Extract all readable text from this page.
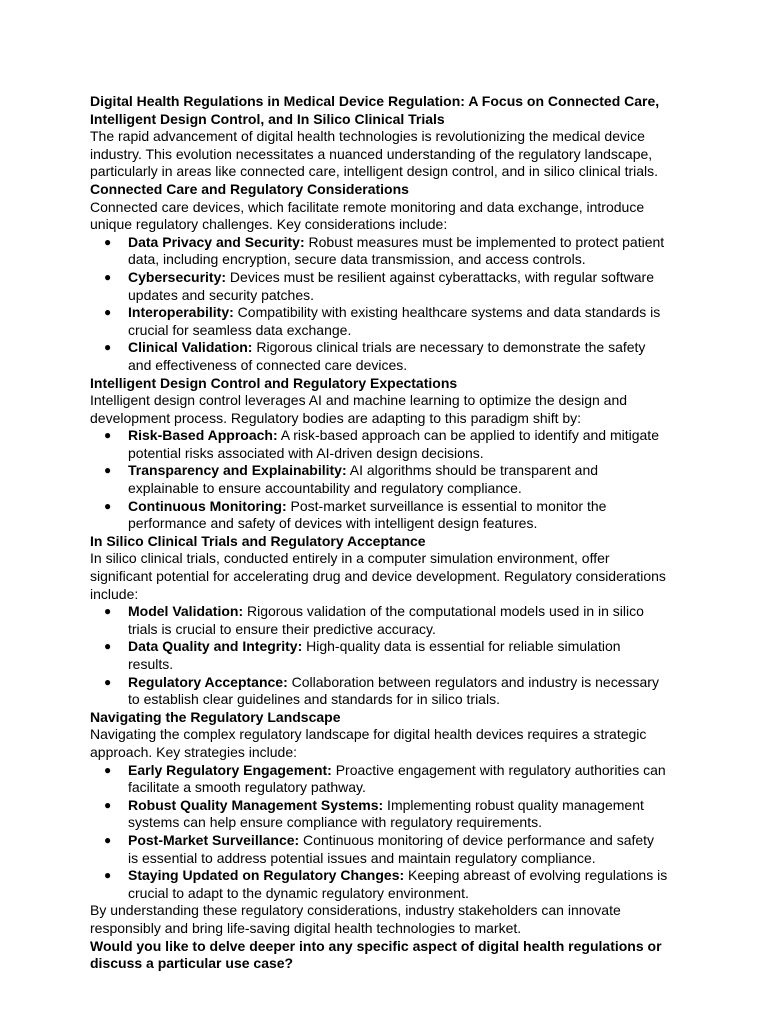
Digital Health Regulations in Medical Device Regulation: A Focus on Connected Care, Intelligent Design Control, and In Silico Clinical Trials

The rapid advancement of digital health technologies is revolutionizing the medical device industry. This evolution necessitates a nuanced understanding of the regulatory landscape, particularly in areas like connected care, intelligent design control, and in silico clinical trials.

Connected Care and Regulatory Considerations

Connected care devices, which facilitate remote monitoring and data exchange, introduce unique regulatory challenges. Key considerations include:

● Data Privacy and Security: Robust measures must be implemented to protect patient data, including encryption, secure data transmission, and access controls.
● Cybersecurity: Devices must be resilient against cyberattacks, with regular software updates and security patches.
● Interoperability: Compatibility with existing healthcare systems and data standards is crucial for seamless data exchange.
● Clinical Validation: Rigorous clinical trials are necessary to demonstrate the safety and effectiveness of connected care devices.

Intelligent Design Control and Regulatory Expectations

Intelligent design control leverages AI and machine learning to optimize the design and development process. Regulatory bodies are adapting to this paradigm shift by:

● Risk-Based Approach: A risk-based approach can be applied to identify and mitigate potential risks associated with AI-driven design decisions.
● Transparency and Explainability: AI algorithms should be transparent and explainable to ensure accountability and regulatory compliance.
● Continuous Monitoring: Post-market surveillance is essential to monitor the performance and safety of devices with intelligent design features.

In Silico Clinical Trials and Regulatory Acceptance

In silico clinical trials, conducted entirely in a computer simulation environment, offer significant potential for accelerating drug and device development. Regulatory considerations include:

● Model Validation: Rigorous validation of the computational models used in in silico trials is crucial to ensure their predictive accuracy.
● Data Quality and Integrity: High-quality data is essential for reliable simulation results.
● Regulatory Acceptance: Collaboration between regulators and industry is necessary to establish clear guidelines and standards for in silico trials.

Navigating the Regulatory Landscape

Navigating the complex regulatory landscape for digital health devices requires a strategic approach. Key strategies include:

● Early Regulatory Engagement: Proactive engagement with regulatory authorities can facilitate a smooth regulatory pathway.
● Robust Quality Management Systems: Implementing robust quality management systems can help ensure compliance with regulatory requirements.
● Post-Market Surveillance: Continuous monitoring of device performance and safety is essential to address potential issues and maintain regulatory compliance.
● Staying Updated on Regulatory Changes: Keeping abreast of evolving regulations is crucial to adapt to the dynamic regulatory environment.

By understanding these regulatory considerations, industry stakeholders can innovate responsibly and bring life-saving digital health technologies to market.

Would you like to delve deeper into any specific aspect of digital health regulations or discuss a particular use case?
